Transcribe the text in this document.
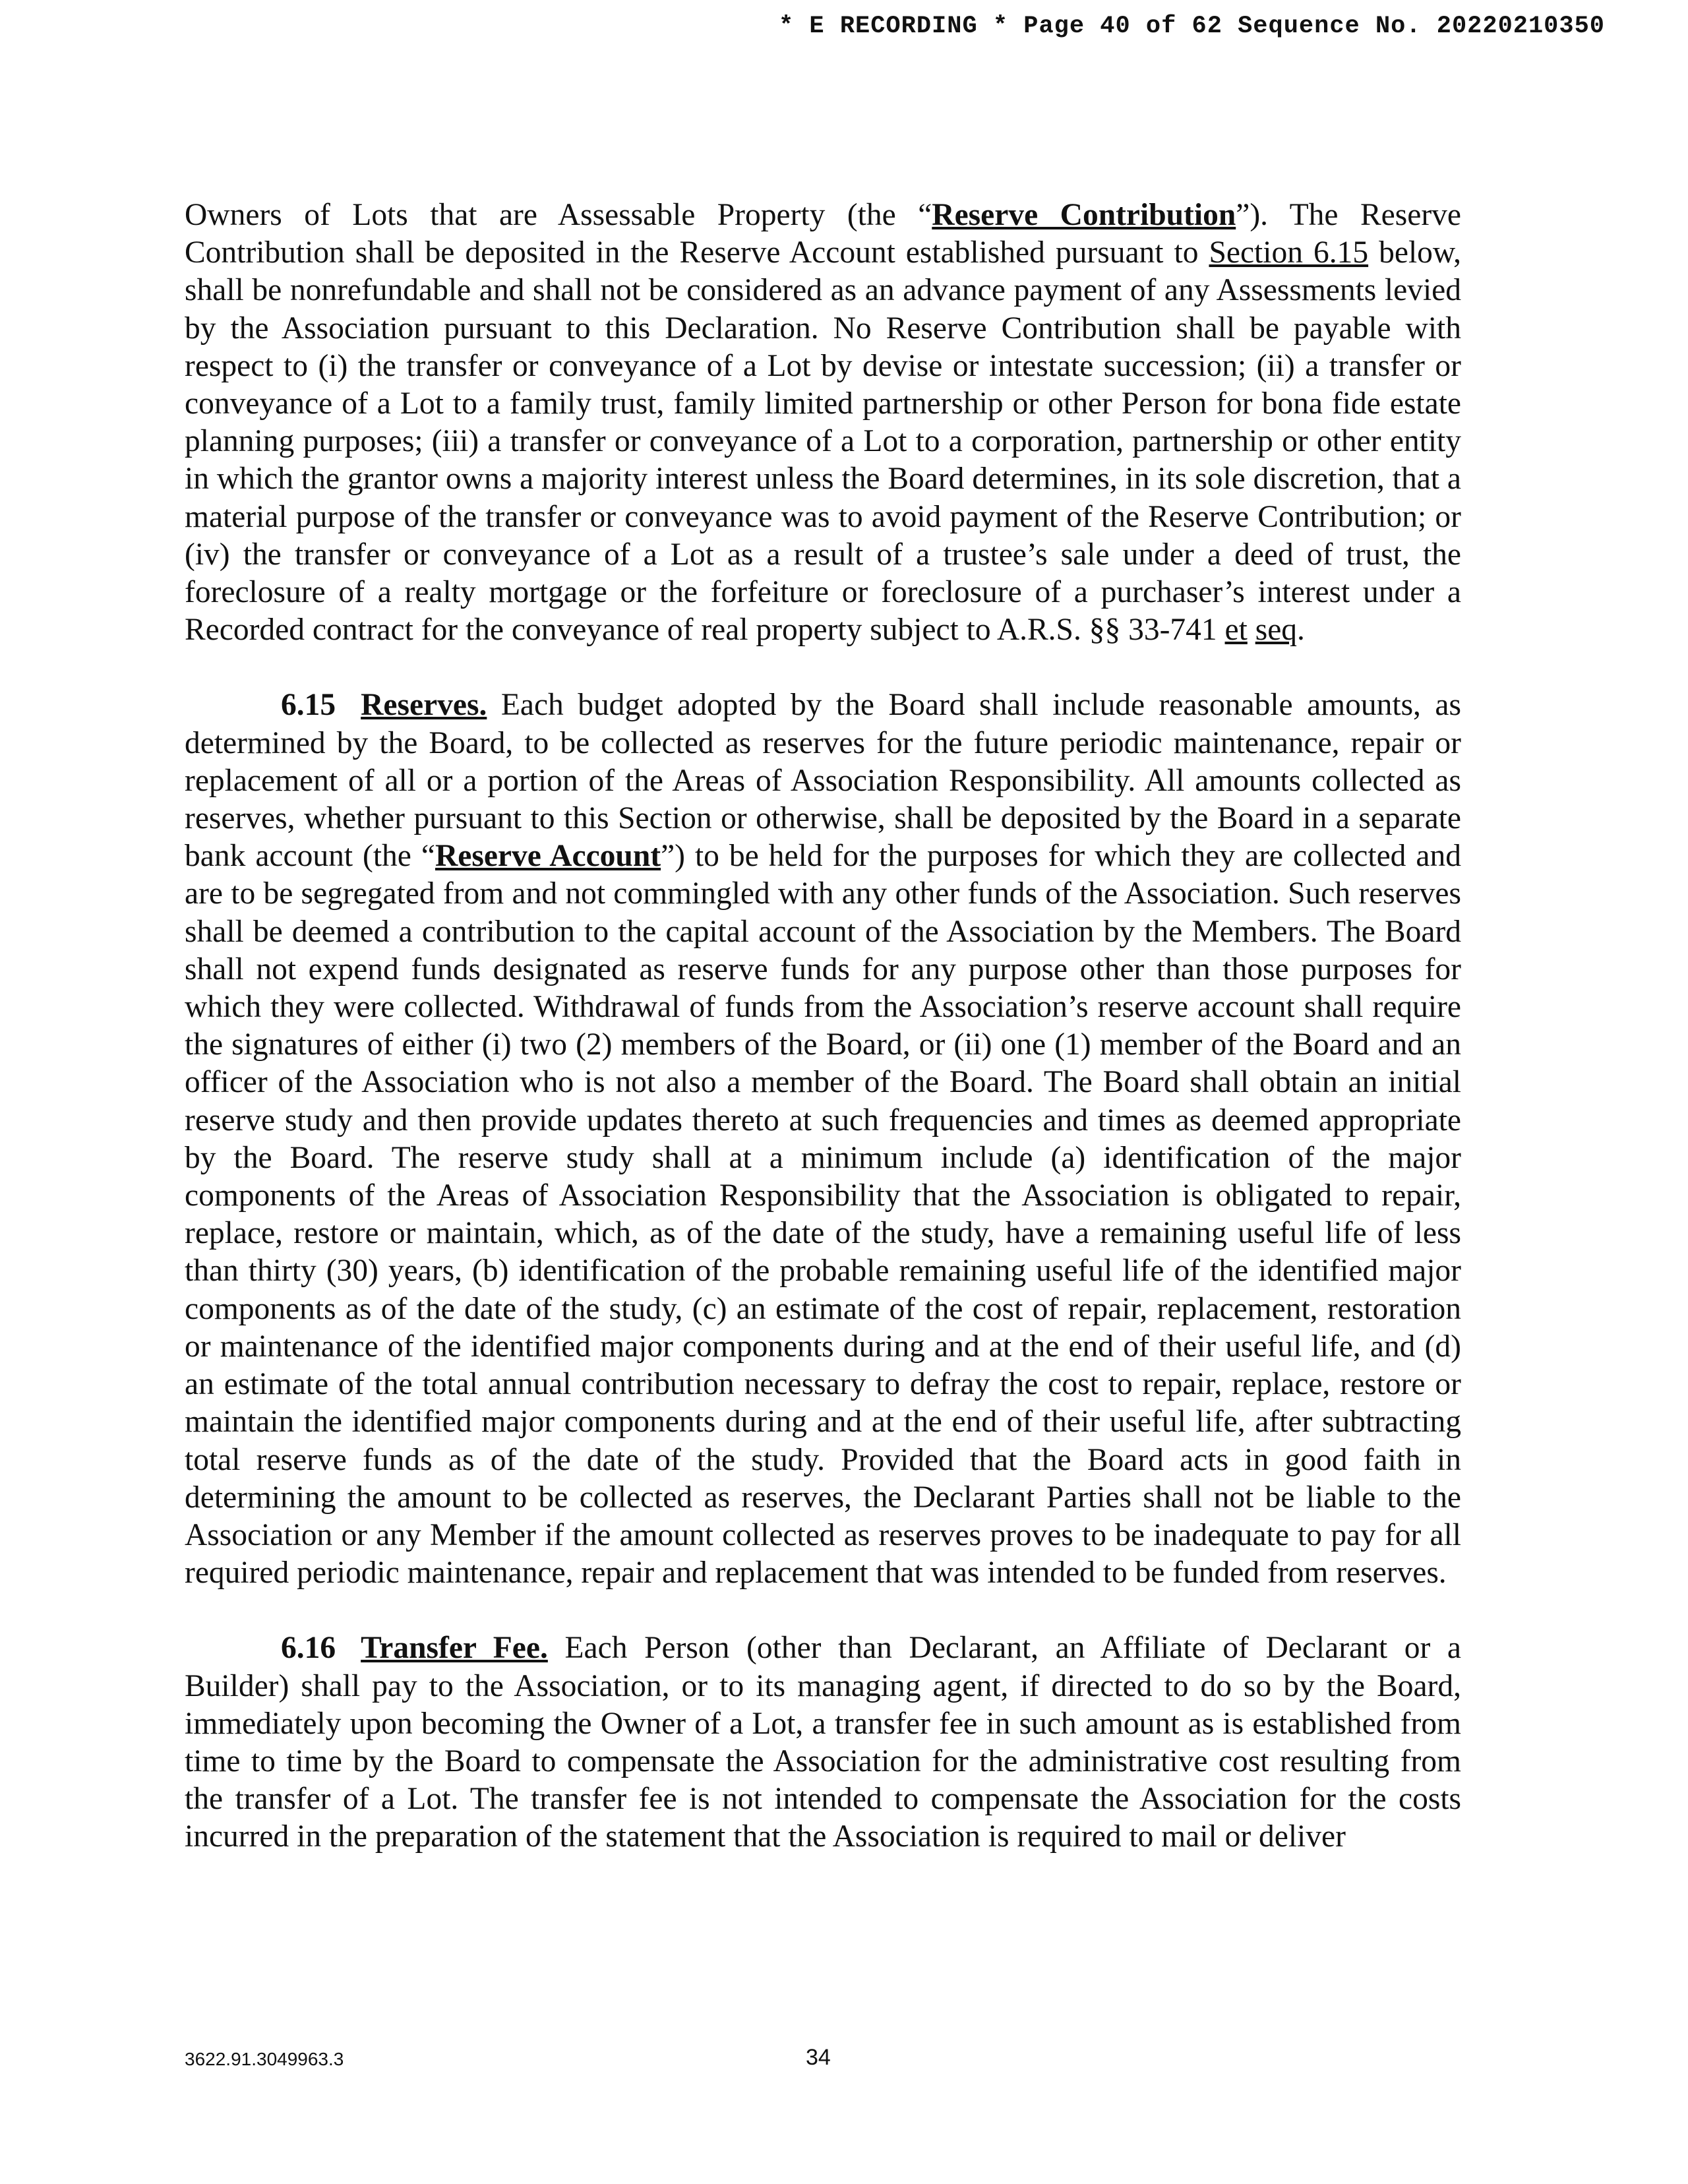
* E RECORDING * Page 40 of 62 Sequence No. 20220210350

Owners of Lots that are Assessable Property (the “Reserve Contribution”). The Reserve Contribution shall be deposited in the Reserve Account established pursuant to Section 6.15 below, shall be nonrefundable and shall not be considered as an advance payment of any Assessments levied by the Association pursuant to this Declaration. No Reserve Contribution shall be payable with respect to (i) the transfer or conveyance of a Lot by devise or intestate succession; (ii) a transfer or conveyance of a Lot to a family trust, family limited partnership or other Person for bona fide estate planning purposes; (iii) a transfer or conveyance of a Lot to a corporation, partnership or other entity in which the grantor owns a majority interest unless the Board determines, in its sole discretion, that a material purpose of the transfer or conveyance was to avoid payment of the Reserve Contribution; or (iv) the transfer or conveyance of a Lot as a result of a trustee’s sale under a deed of trust, the foreclosure of a realty mortgage or the forfeiture or foreclosure of a purchaser’s interest under a Recorded contract for the conveyance of real property subject to A.R.S. §§ 33-741 et seq.

6.15 Reserves. Each budget adopted by the Board shall include reasonable amounts, as determined by the Board, to be collected as reserves for the future periodic maintenance, repair or replacement of all or a portion of the Areas of Association Responsibility. All amounts collected as reserves, whether pursuant to this Section or otherwise, shall be deposited by the Board in a separate bank account (the “Reserve Account”) to be held for the purposes for which they are collected and are to be segregated from and not commingled with any other funds of the Association. Such reserves shall be deemed a contribution to the capital account of the Association by the Members. The Board shall not expend funds designated as reserve funds for any purpose other than those purposes for which they were collected. Withdrawal of funds from the Association’s reserve account shall require the signatures of either (i) two (2) members of the Board, or (ii) one (1) member of the Board and an officer of the Association who is not also a member of the Board. The Board shall obtain an initial reserve study and then provide updates thereto at such frequencies and times as deemed appropriate by the Board. The reserve study shall at a minimum include (a) identification of the major components of the Areas of Association Responsibility that the Association is obligated to repair, replace, restore or maintain, which, as of the date of the study, have a remaining useful life of less than thirty (30) years, (b) identification of the probable remaining useful life of the identified major components as of the date of the study, (c) an estimate of the cost of repair, replacement, restoration or maintenance of the identified major components during and at the end of their useful life, and (d) an estimate of the total annual contribution necessary to defray the cost to repair, replace, restore or maintain the identified major components during and at the end of their useful life, after subtracting total reserve funds as of the date of the study. Provided that the Board acts in good faith in determining the amount to be collected as reserves, the Declarant Parties shall not be liable to the Association or any Member if the amount collected as reserves proves to be inadequate to pay for all required periodic maintenance, repair and replacement that was intended to be funded from reserves.

6.16 Transfer Fee. Each Person (other than Declarant, an Affiliate of Declarant or a Builder) shall pay to the Association, or to its managing agent, if directed to do so by the Board, immediately upon becoming the Owner of a Lot, a transfer fee in such amount as is established from time to time by the Board to compensate the Association for the administrative cost resulting from the transfer of a Lot. The transfer fee is not intended to compensate the Association for the costs incurred in the preparation of the statement that the Association is required to mail or deliver

3622.91.3049963.3	34
